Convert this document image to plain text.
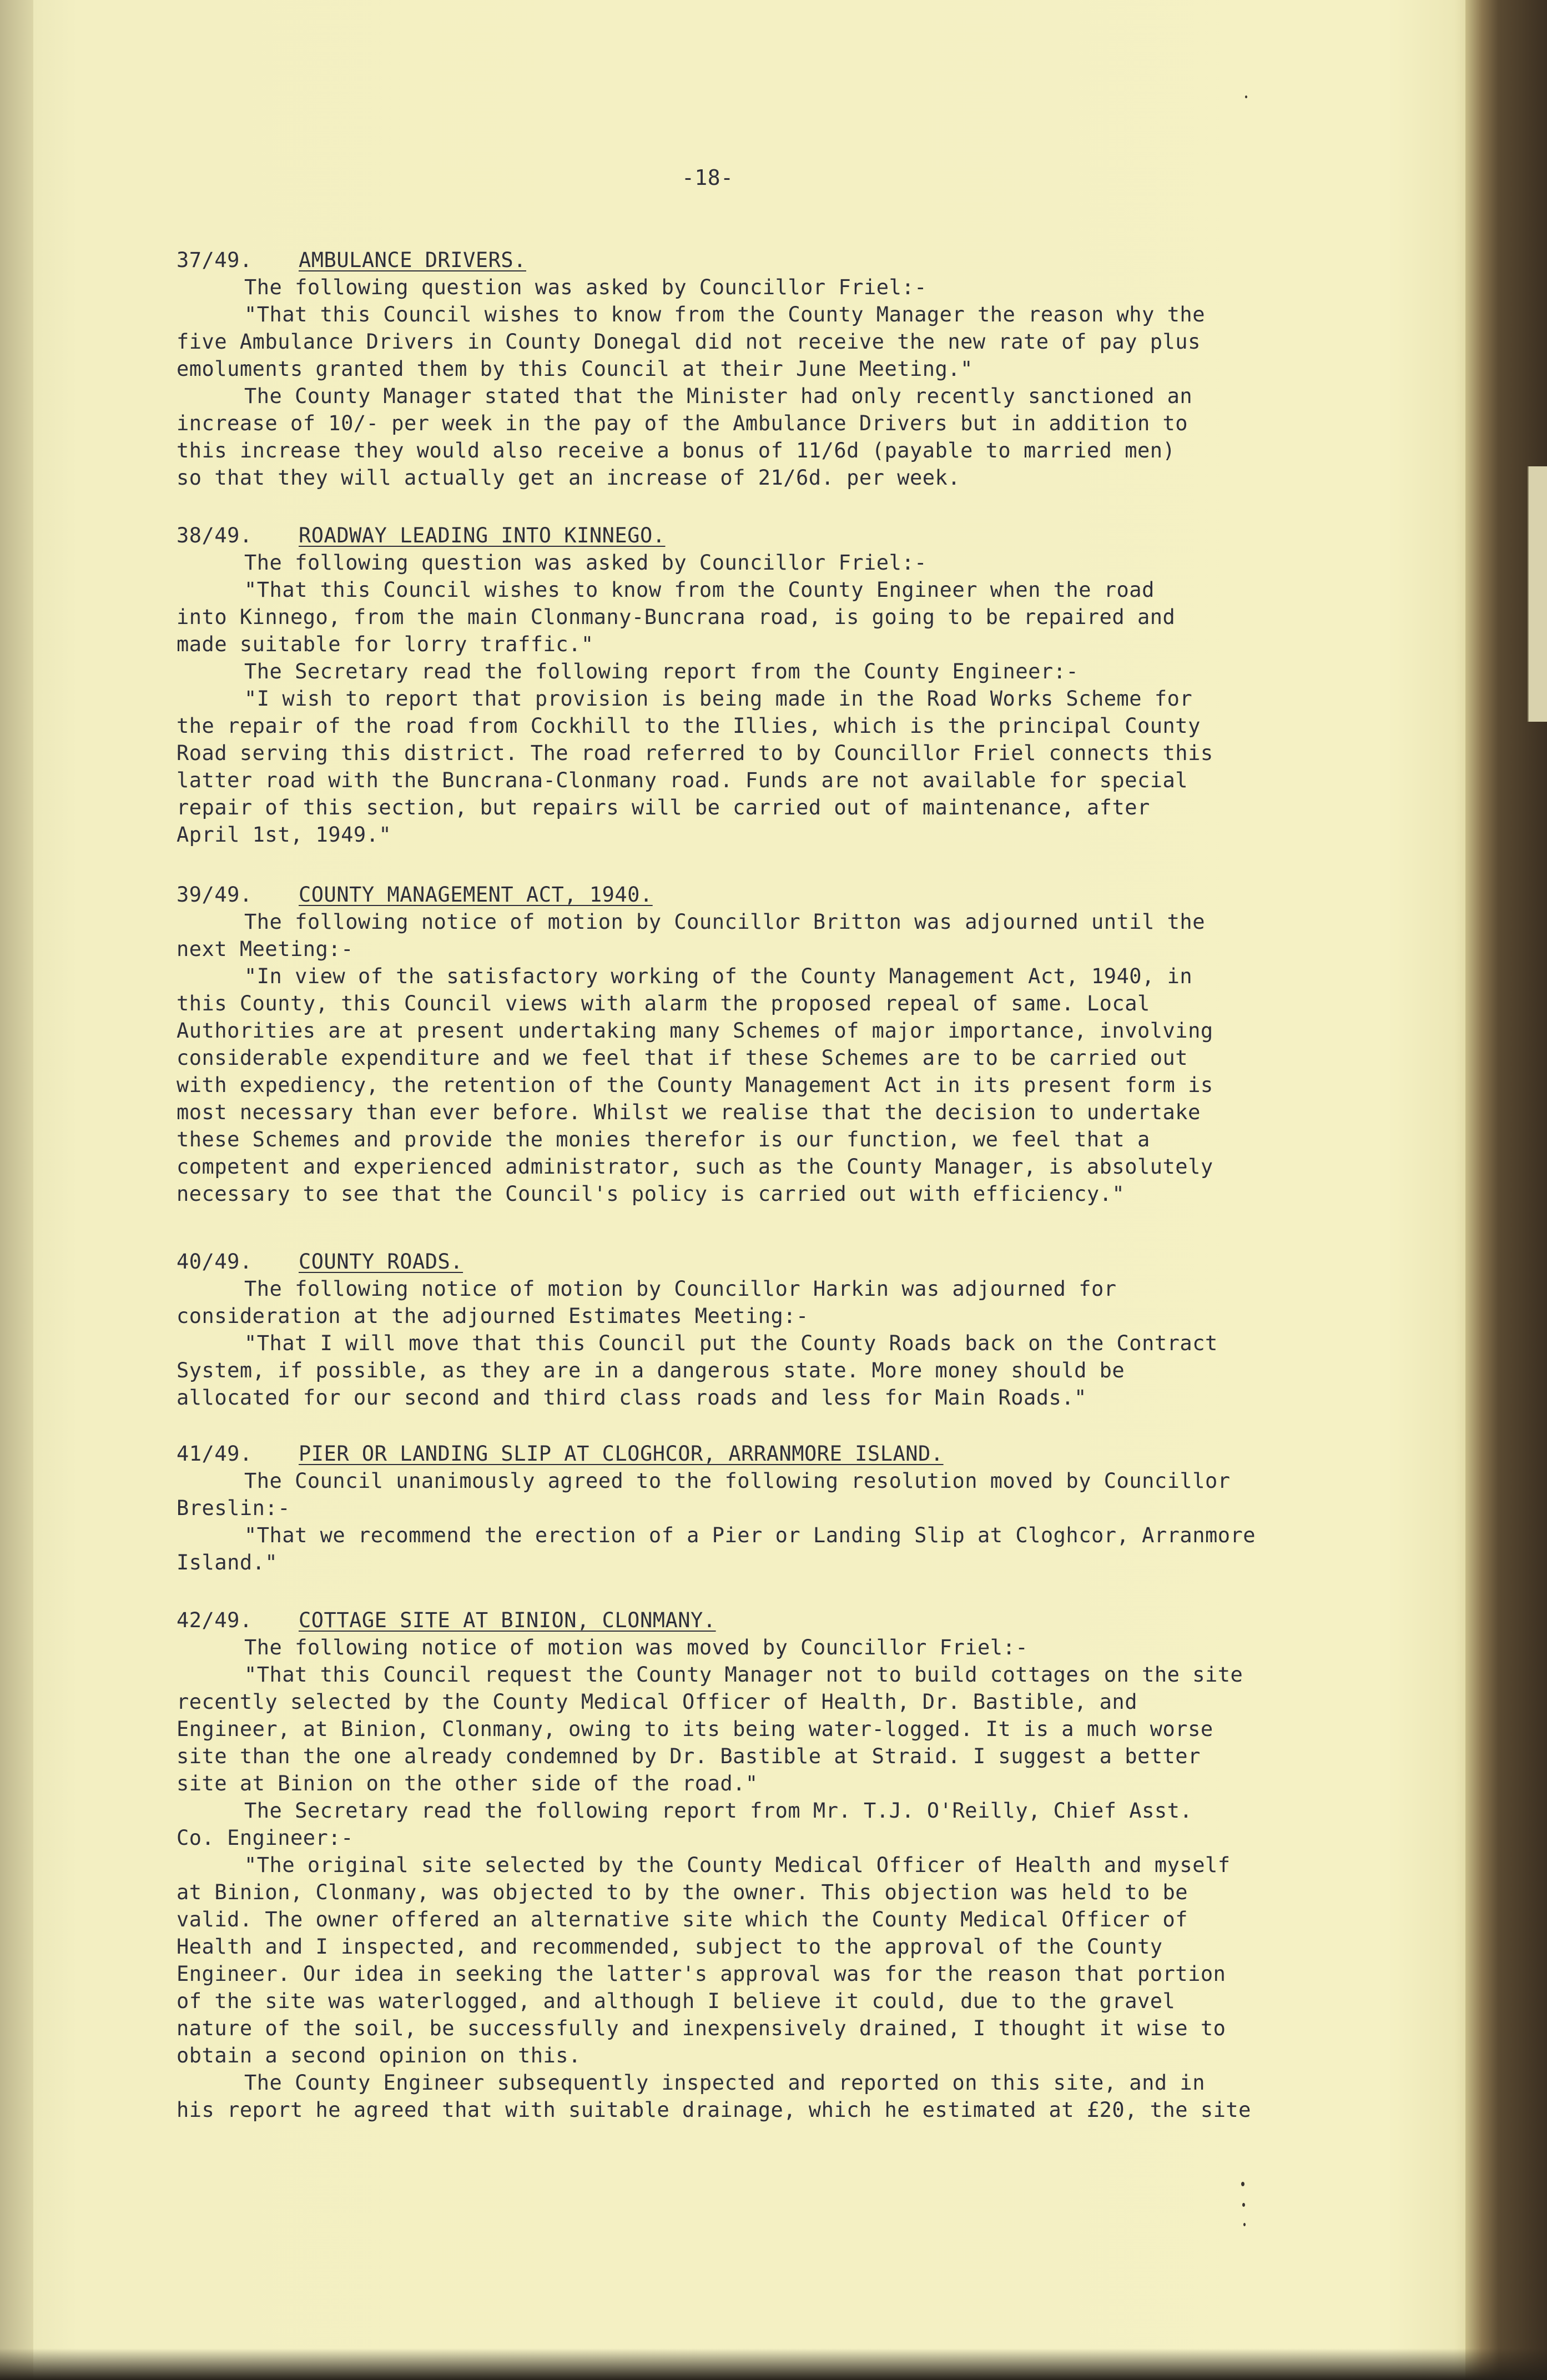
-18-
37/49. AMBULANCE DRIVERS.
The following question was asked by Councillor Friel:-
"That this Council wishes to know from the County Manager the reason why the
five Ambulance Drivers in County Donegal did not receive the new rate of pay plus
emoluments granted them by this Council at their June Meeting."
The County Manager stated that the Minister had only recently sanctioned an
increase of 10/- per week in the pay of the Ambulance Drivers but in addition to
this increase they would also receive a bonus of 11/6d (payable to married men)
so that they will actually get an increase of 21/6d. per week.
38/49. ROADWAY LEADING INTO KINNEGO.
The following question was asked by Councillor Friel:-
"That this Council wishes to know from the County Engineer when the road
into Kinnego, from the main Clonmany-Buncrana road, is going to be repaired and
made suitable for lorry traffic."
The Secretary read the following report from the County Engineer:-
"I wish to report that provision is being made in the Road Works Scheme for
the repair of the road from Cockhill to the Illies, which is the principal County
Road serving this district. The road referred to by Councillor Friel connects this
latter road with the Buncrana-Clonmany road. Funds are not available for special
repair of this section, but repairs will be carried out of maintenance, after
April 1st, 1949."
39/49. COUNTY MANAGEMENT ACT, 1940.
The following notice of motion by Councillor Britton was adjourned until the
next Meeting:-
"In view of the satisfactory working of the County Management Act, 1940, in
this County, this Council views with alarm the proposed repeal of same. Local
Authorities are at present undertaking many Schemes of major importance, involving
considerable expenditure and we feel that if these Schemes are to be carried out
with expediency, the retention of the County Management Act in its present form is
most necessary than ever before. Whilst we realise that the decision to undertake
these Schemes and provide the monies therefor is our function, we feel that a
competent and experienced administrator, such as the County Manager, is absolutely
necessary to see that the Council's policy is carried out with efficiency."
40/49. COUNTY ROADS.
The following notice of motion by Councillor Harkin was adjourned for
consideration at the adjourned Estimates Meeting:-
"That I will move that this Council put the County Roads back on the Contract
System, if possible, as they are in a dangerous state. More money should be
allocated for our second and third class roads and less for Main Roads."
41/49. PIER OR LANDING SLIP AT CLOGHCOR, ARRANMORE ISLAND.
The Council unanimously agreed to the following resolution moved by Councillor
Breslin:-
"That we recommend the erection of a Pier or Landing Slip at Cloghcor, Arranmore
Island."
42/49. COTTAGE SITE AT BINION, CLONMANY.
The following notice of motion was moved by Councillor Friel:-
"That this Council request the County Manager not to build cottages on the site
recently selected by the County Medical Officer of Health, Dr. Bastible, and
Engineer, at Binion, Clonmany, owing to its being water-logged. It is a much worse
site than the one already condemned by Dr. Bastible at Straid. I suggest a better
site at Binion on the other side of the road."
The Secretary read the following report from Mr. T.J. O'Reilly, Chief Asst.
Co. Engineer:-
"The original site selected by the County Medical Officer of Health and myself
at Binion, Clonmany, was objected to by the owner. This objection was held to be
valid. The owner offered an alternative site which the County Medical Officer of
Health and I inspected, and recommended, subject to the approval of the County
Engineer. Our idea in seeking the latter's approval was for the reason that portion
of the site was waterlogged, and although I believe it could, due to the gravel
nature of the soil, be successfully and inexpensively drained, I thought it wise to
obtain a second opinion on this.
The County Engineer subsequently inspected and reported on this site, and in
his report he agreed that with suitable drainage, which he estimated at £20, the site
